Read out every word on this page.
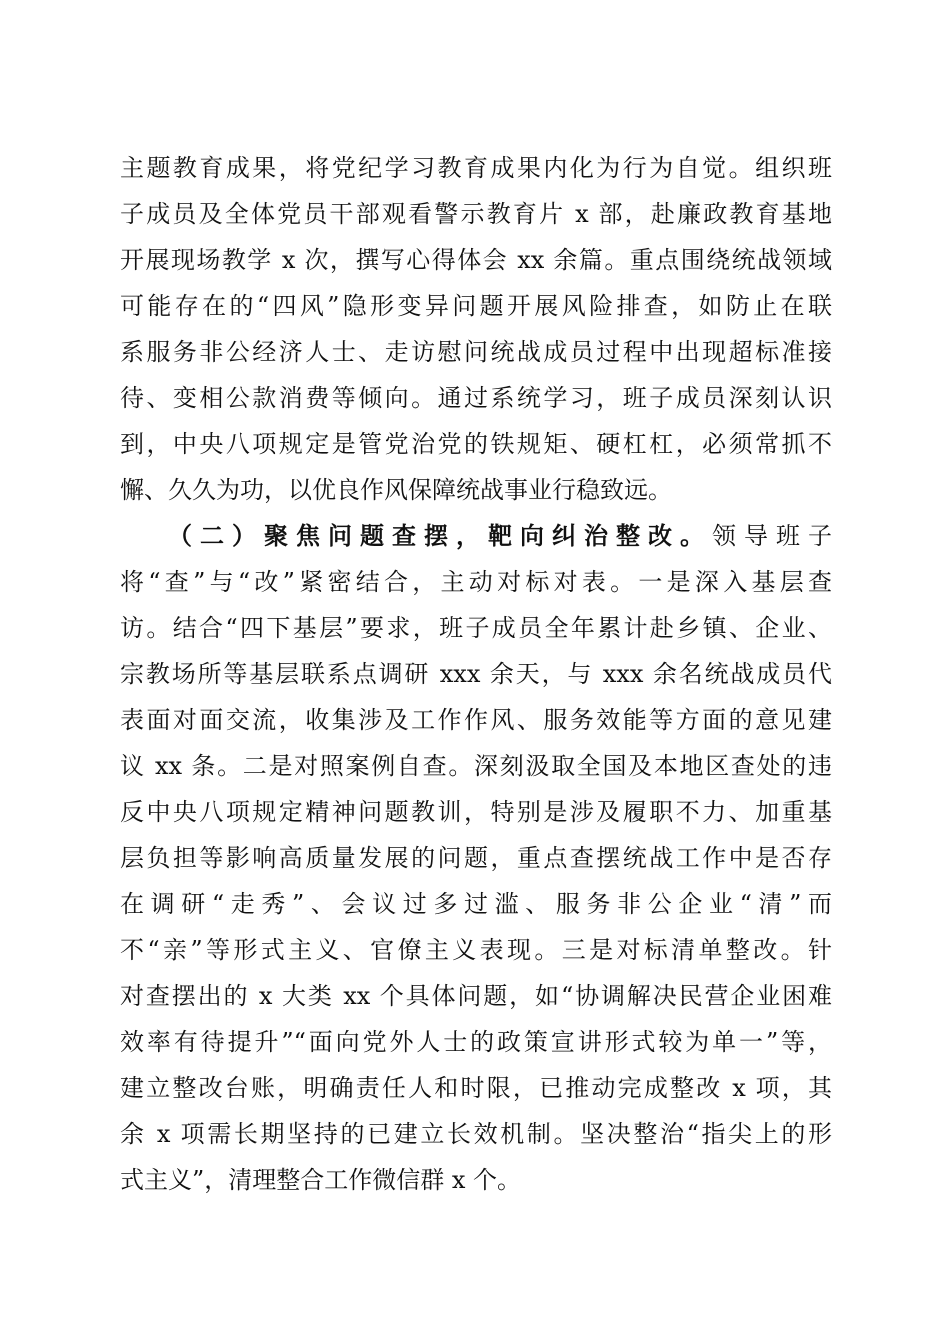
主题教育成果，将党纪学习教育成果内化为行为自觉。组织班
子成员及全体党员干部观看警示教育片 x 部，赴廉政教育基地
开展现场教学 x 次，撰写心得体会 xx 余篇。重点围绕统战领域
可能存在的“四风”隐形变异问题开展风险排查，如防止在联
系服务非公经济人士、走访慰问统战成员过程中出现超标准接
待、变相公款消费等倾向。通过系统学习，班子成员深刻认识
到，中央八项规定是管党治党的铁规矩、硬杠杠，必须常抓不
懈、久久为功，以优良作风保障统战事业行稳致远。
（二）聚焦问题查摆，靶向纠治整改。领导班子
将“查”与“改”紧密结合，主动对标对表。一是深入基层查
访。结合“四下基层”要求，班子成员全年累计赴乡镇、企业、
宗教场所等基层联系点调研 xxx 余天，与 xxx 余名统战成员代
表面对面交流，收集涉及工作作风、服务效能等方面的意见建
议 xx 条。二是对照案例自查。深刻汲取全国及本地区查处的违
反中央八项规定精神问题教训，特别是涉及履职不力、加重基
层负担等影响高质量发展的问题，重点查摆统战工作中是否存
在调研“走秀”、会议过多过滥、服务非公企业“清”而
不“亲”等形式主义、官僚主义表现。三是对标清单整改。针
对查摆出的 x 大类 xx 个具体问题，如“协调解决民营企业困难
效率有待提升”“面向党外人士的政策宣讲形式较为单一”等，
建立整改台账，明确责任人和时限，已推动完成整改 x 项，其
余 x 项需长期坚持的已建立长效机制。坚决整治“指尖上的形
式主义”，清理整合工作微信群 x 个。
